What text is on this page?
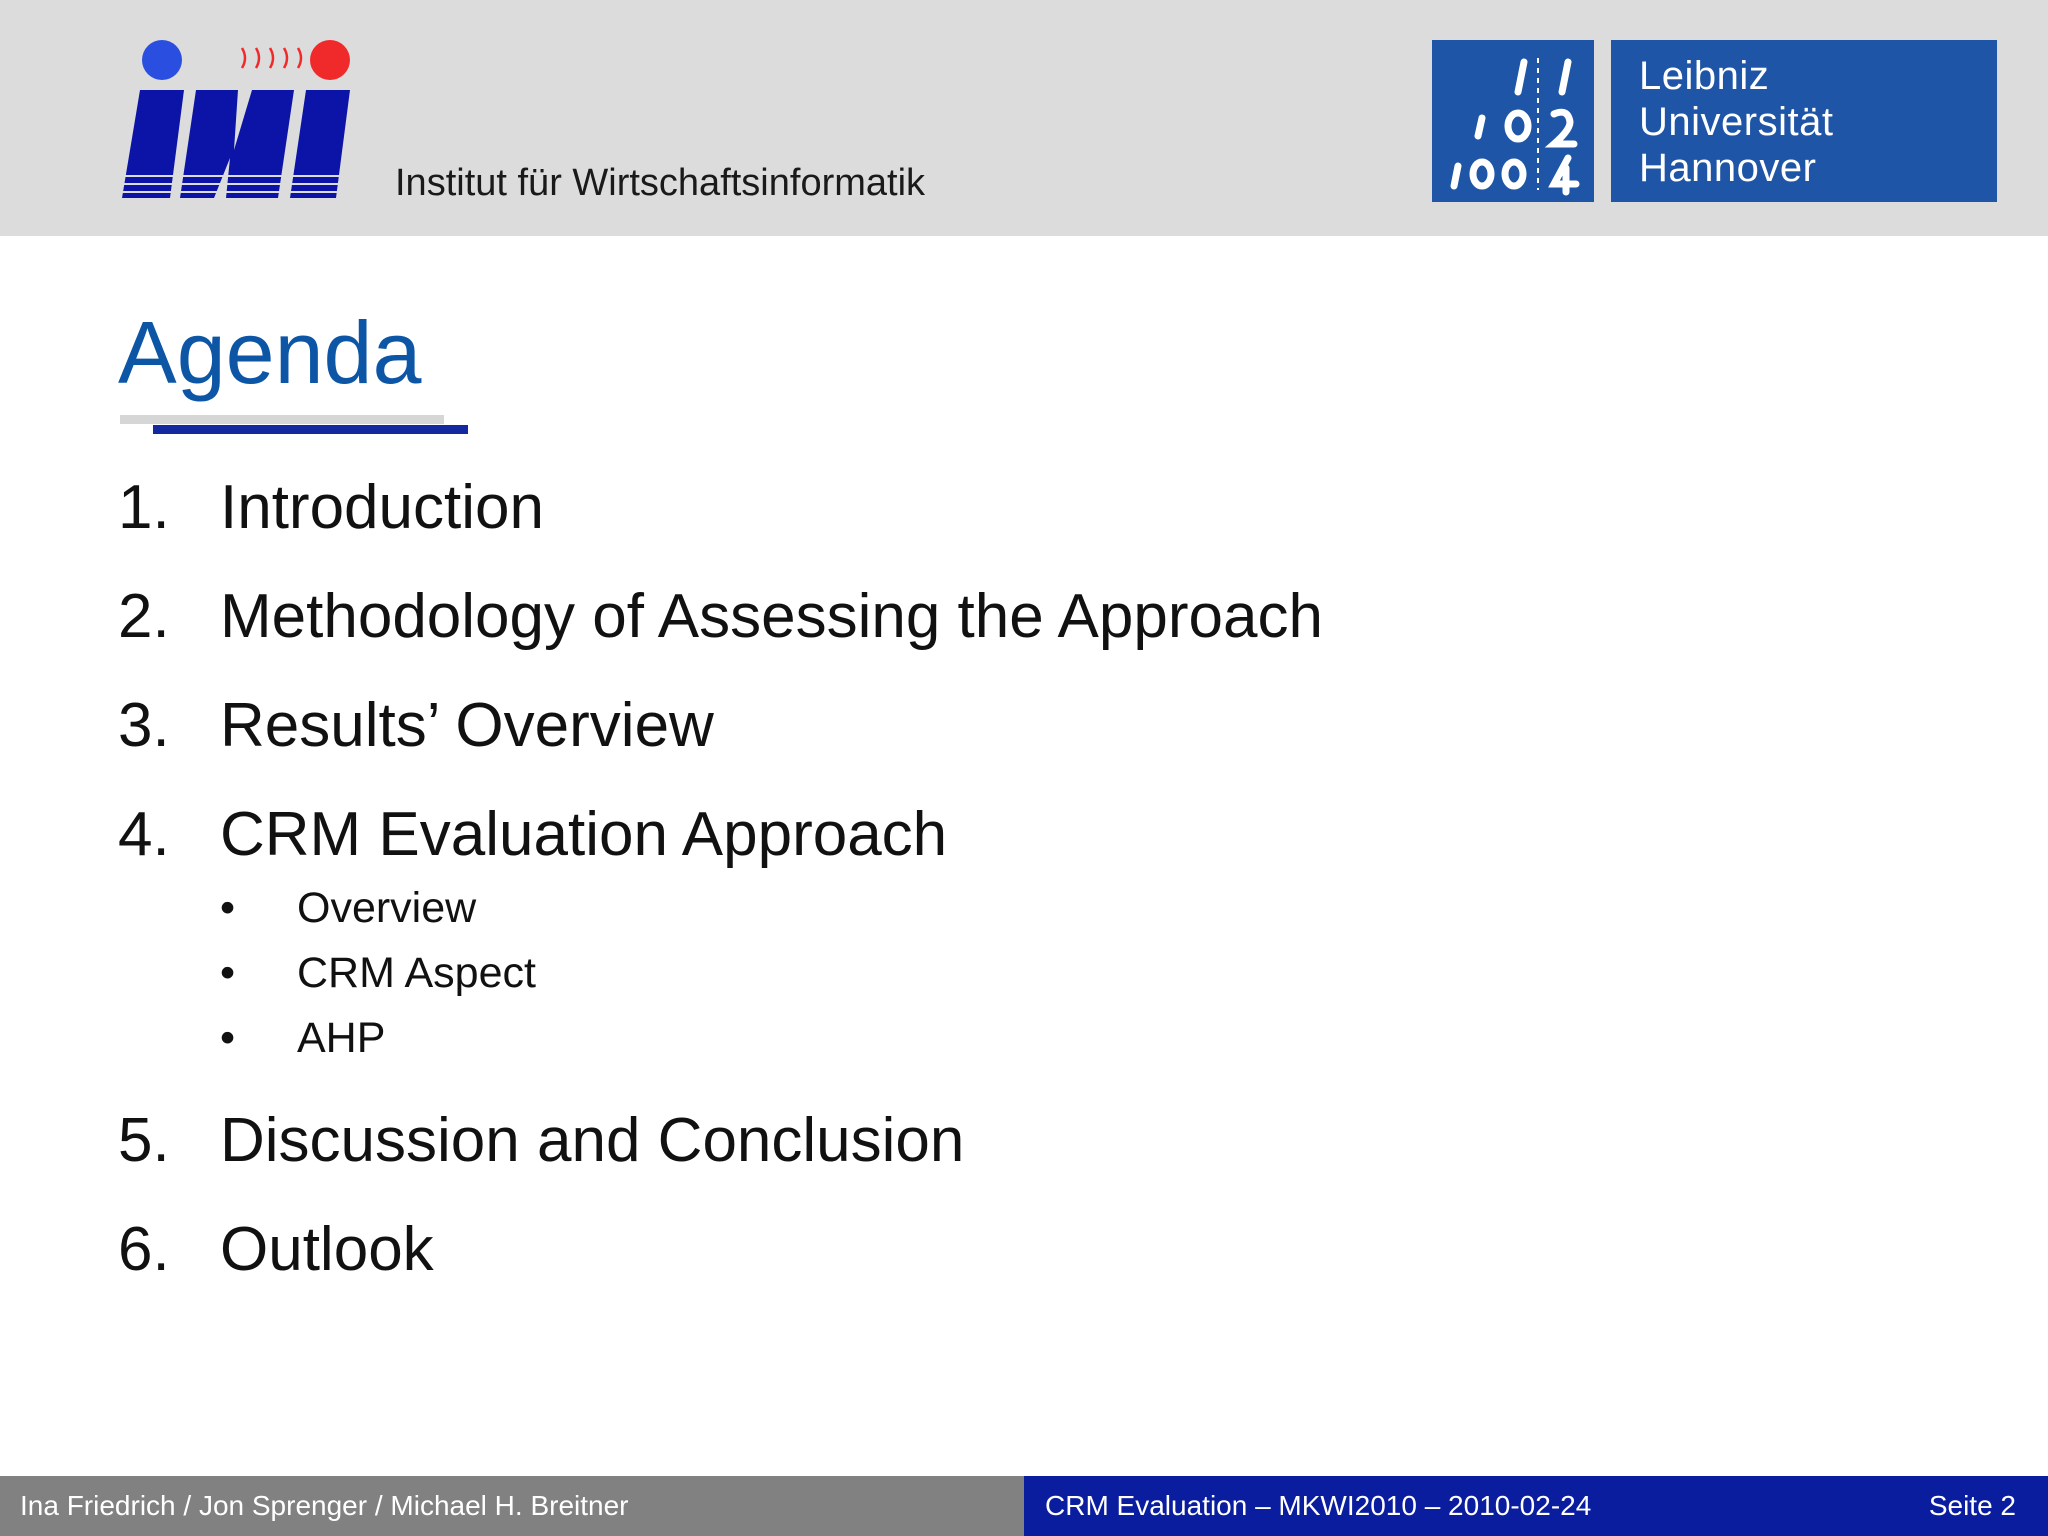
Institut für Wirtschaftsinformatik
Leibniz
Universität
Hannover
Agenda
1. Introduction
2. Methodology of Assessing the Approach
3. Results’ Overview
4. CRM Evaluation Approach
• Overview
• CRM Aspect
• AHP
5. Discussion and Conclusion
6. Outlook
Ina Friedrich / Jon Sprenger / Michael H. Breitner	CRM Evaluation – MKWI2010 – 2010-02-24	Seite 2
